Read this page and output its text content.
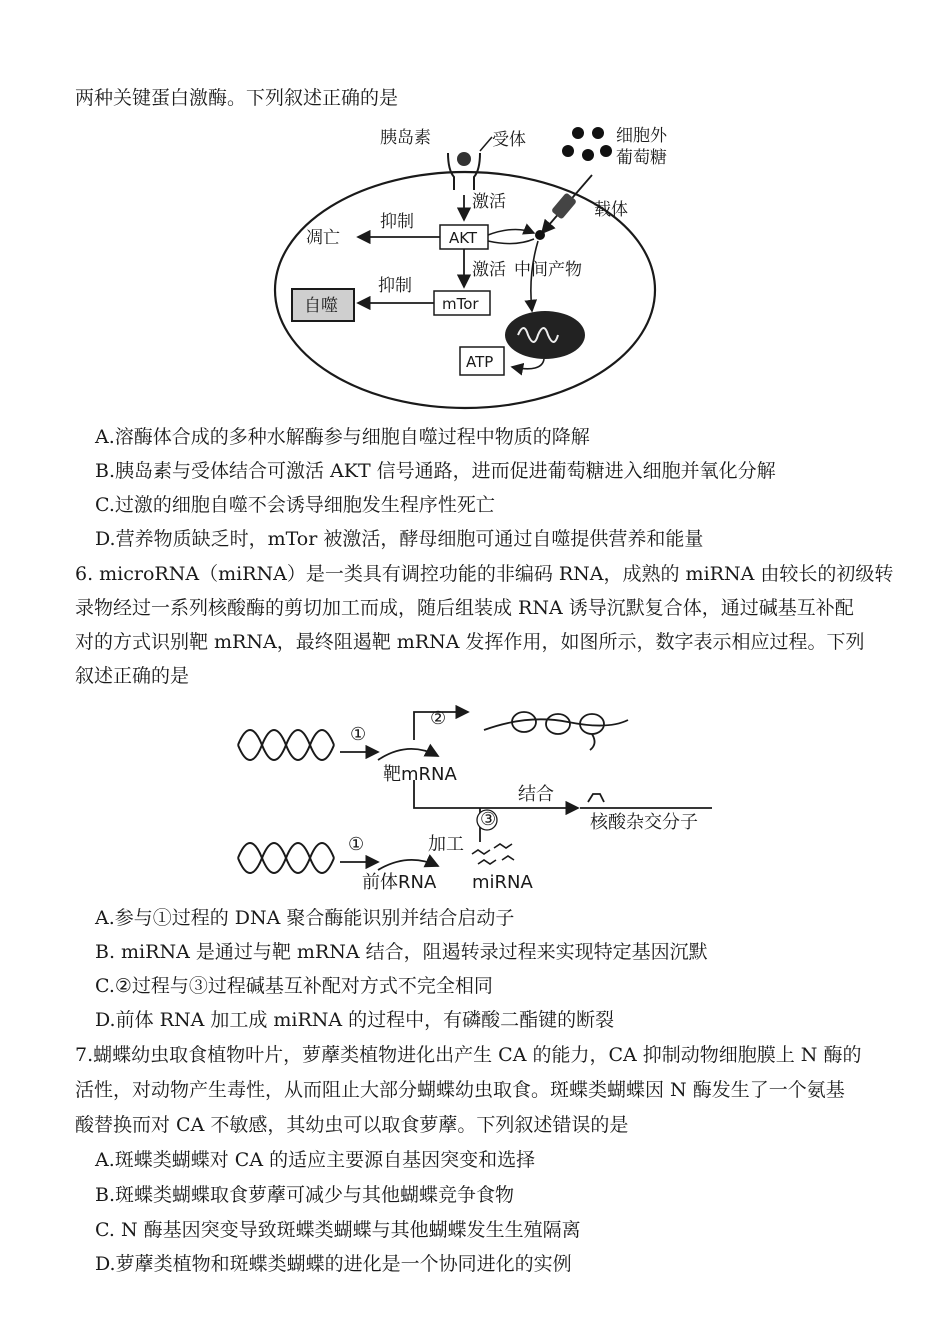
两种关键蛋白激酶。下列叙述正确的是
胰岛素	受体	细胞外
葡萄糖
载体
激活
AKT
抑制
凋亡
激活 中间产物
mTor
抑制
自噬
ATP
A.溶酶体合成的多种水解酶参与细胞自噬过程中物质的降解
B.胰岛素与受体结合可激活 AKT 信号通路，进而促进葡萄糖进入细胞并氧化分解
C.过激的细胞自噬不会诱导细胞发生程序性死亡
D.营养物质缺乏时，mTor 被激活，酵母细胞可通过自噬提供营养和能量
6. microRNA（miRNA）是一类具有调控功能的非编码 RNA，成熟的 miRNA 由较长的初级转
录物经过一系列核酸酶的剪切加工而成，随后组装成 RNA 诱导沉默复合体，通过碱基互补配
对的方式识别靶 mRNA，最终阻遏靶 mRNA 发挥作用，如图所示，数字表示相应过程。下列
叙述正确的是
①
靶mRNA
②
结合
核酸杂交分子
③
①	加工
前体RNA miRNA
A.参与①过程的 DNA 聚合酶能识别并结合启动子
B. miRNA 是通过与靶 mRNA 结合，阻遏转录过程来实现特定基因沉默
C.②过程与③过程碱基互补配对方式不完全相同
D.前体 RNA 加工成 miRNA 的过程中，有磷酸二酯键的断裂
7.蝴蝶幼虫取食植物叶片，萝藦类植物进化出产生 CA 的能力，CA 抑制动物细胞膜上 N 酶的
活性，对动物产生毒性，从而阻止大部分蝴蝶幼虫取食。斑蝶类蝴蝶因 N 酶发生了一个氨基
酸替换而对 CA 不敏感，其幼虫可以取食萝藦。下列叙述错误的是
A.斑蝶类蝴蝶对 CA 的适应主要源自基因突变和选择
B.斑蝶类蝴蝶取食萝藦可减少与其他蝴蝶竞争食物
C. N 酶基因突变导致斑蝶类蝴蝶与其他蝴蝶发生生殖隔离
D.萝藦类植物和斑蝶类蝴蝶的进化是一个协同进化的实例
